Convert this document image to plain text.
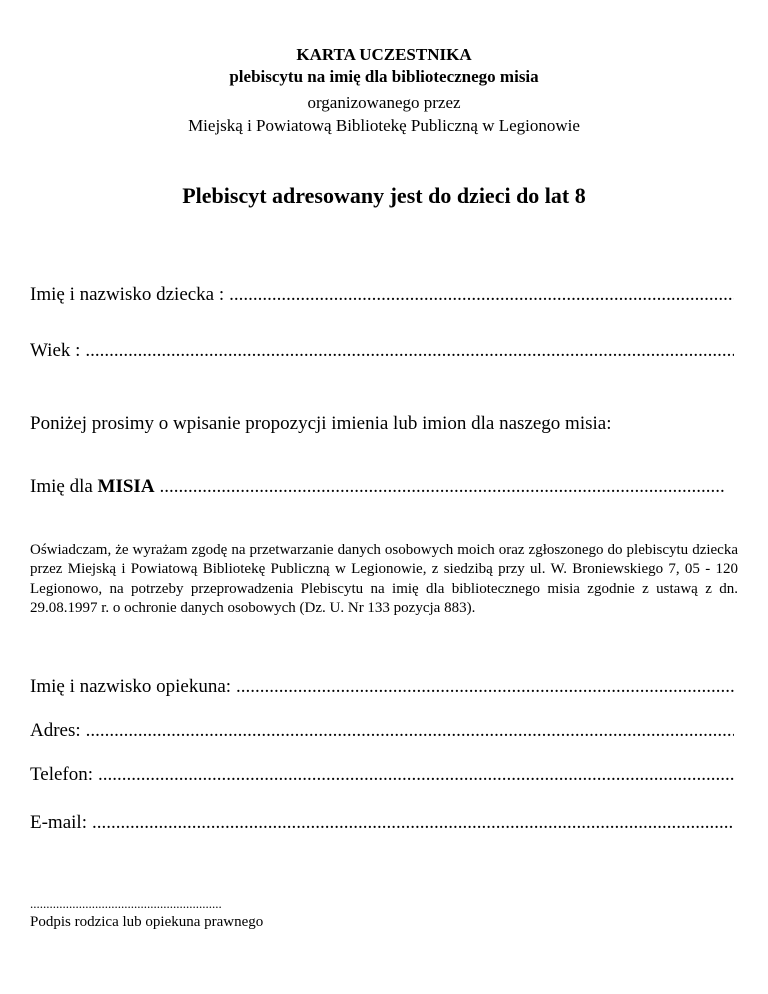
KARTA UCZESTNIKA
plebiscytu na imię dla bibliotecznego misia
organizowanego przez
Miejską i Powiatową Bibliotekę Publiczną w Legionowie
Plebiscyt adresowany jest do dzieci do lat 8
Imię i nazwisko dziecka :
.....
Wiek :
.....
Poniżej prosimy o wpisanie propozycji imienia lub imion dla naszego misia:
Imię dla MISIA
.....
Oświadczam, że wyrażam zgodę na przetwarzanie danych osobowych moich oraz zgłoszonego do plebiscytu dziecka przez Miejską i Powiatową Bibliotekę Publiczną w Legionowie, z siedzibą przy ul. W. Broniewskiego 7, 05 - 120 Legionowo, na potrzeby przeprowadzenia Plebiscytu na imię dla bibliotecznego misia zgodnie z ustawą z dn. 29.08.1997 r. o ochronie danych osobowych (Dz. U. Nr 133 pozycja 883).
Imię i nazwisko opiekuna:
.....
Adres:
.....
Telefon:
.....
E-mail:
.....
...........................................................
Podpis rodzica lub opiekuna prawnego
